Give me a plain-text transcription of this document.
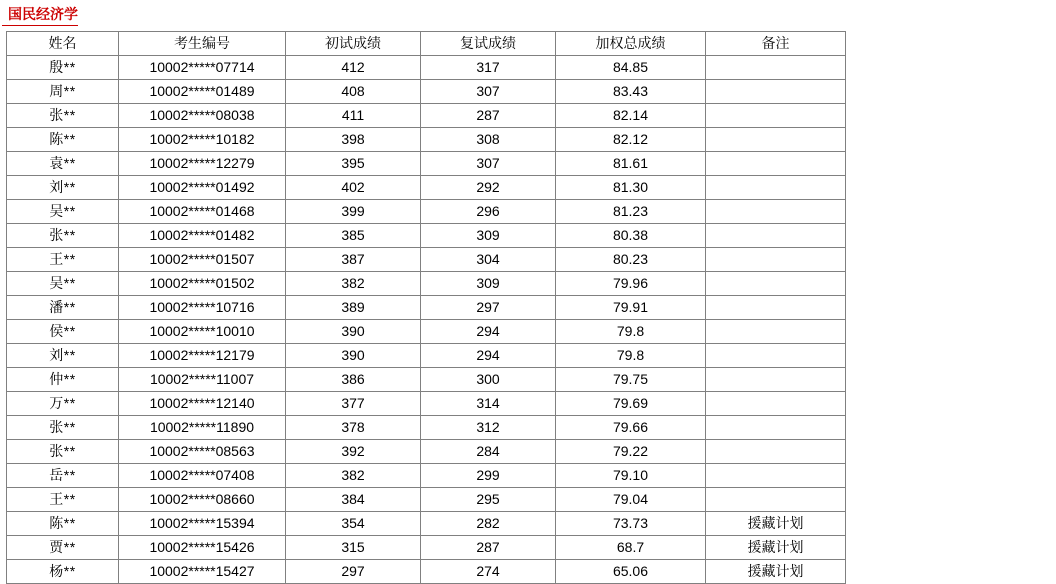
国民经济学
姓名	考生编号	初试成绩	复试成绩	加权总成绩	备注
殷**	10002*****07714	412	317	84.85	
周**	10002*****01489	408	307	83.43	
张**	10002*****08038	411	287	82.14	
陈**	10002*****10182	398	308	82.12	
袁**	10002*****12279	395	307	81.61	
刘**	10002*****01492	402	292	81.30	
吴**	10002*****01468	399	296	81.23	
张**	10002*****01482	385	309	80.38	
王**	10002*****01507	387	304	80.23	
吴**	10002*****01502	382	309	79.96	
潘**	10002*****10716	389	297	79.91	
侯**	10002*****10010	390	294	79.8	
刘**	10002*****12179	390	294	79.8	
仲**	10002*****11007	386	300	79.75	
万**	10002*****12140	377	314	79.69	
张**	10002*****11890	378	312	79.66	
张**	10002*****08563	392	284	79.22	
岳**	10002*****07408	382	299	79.10	
王**	10002*****08660	384	295	79.04	
陈**	10002*****15394	354	282	73.73	援藏计划
贾**	10002*****15426	315	287	68.7	援藏计划
杨**	10002*****15427	297	274	65.06	援藏计划
